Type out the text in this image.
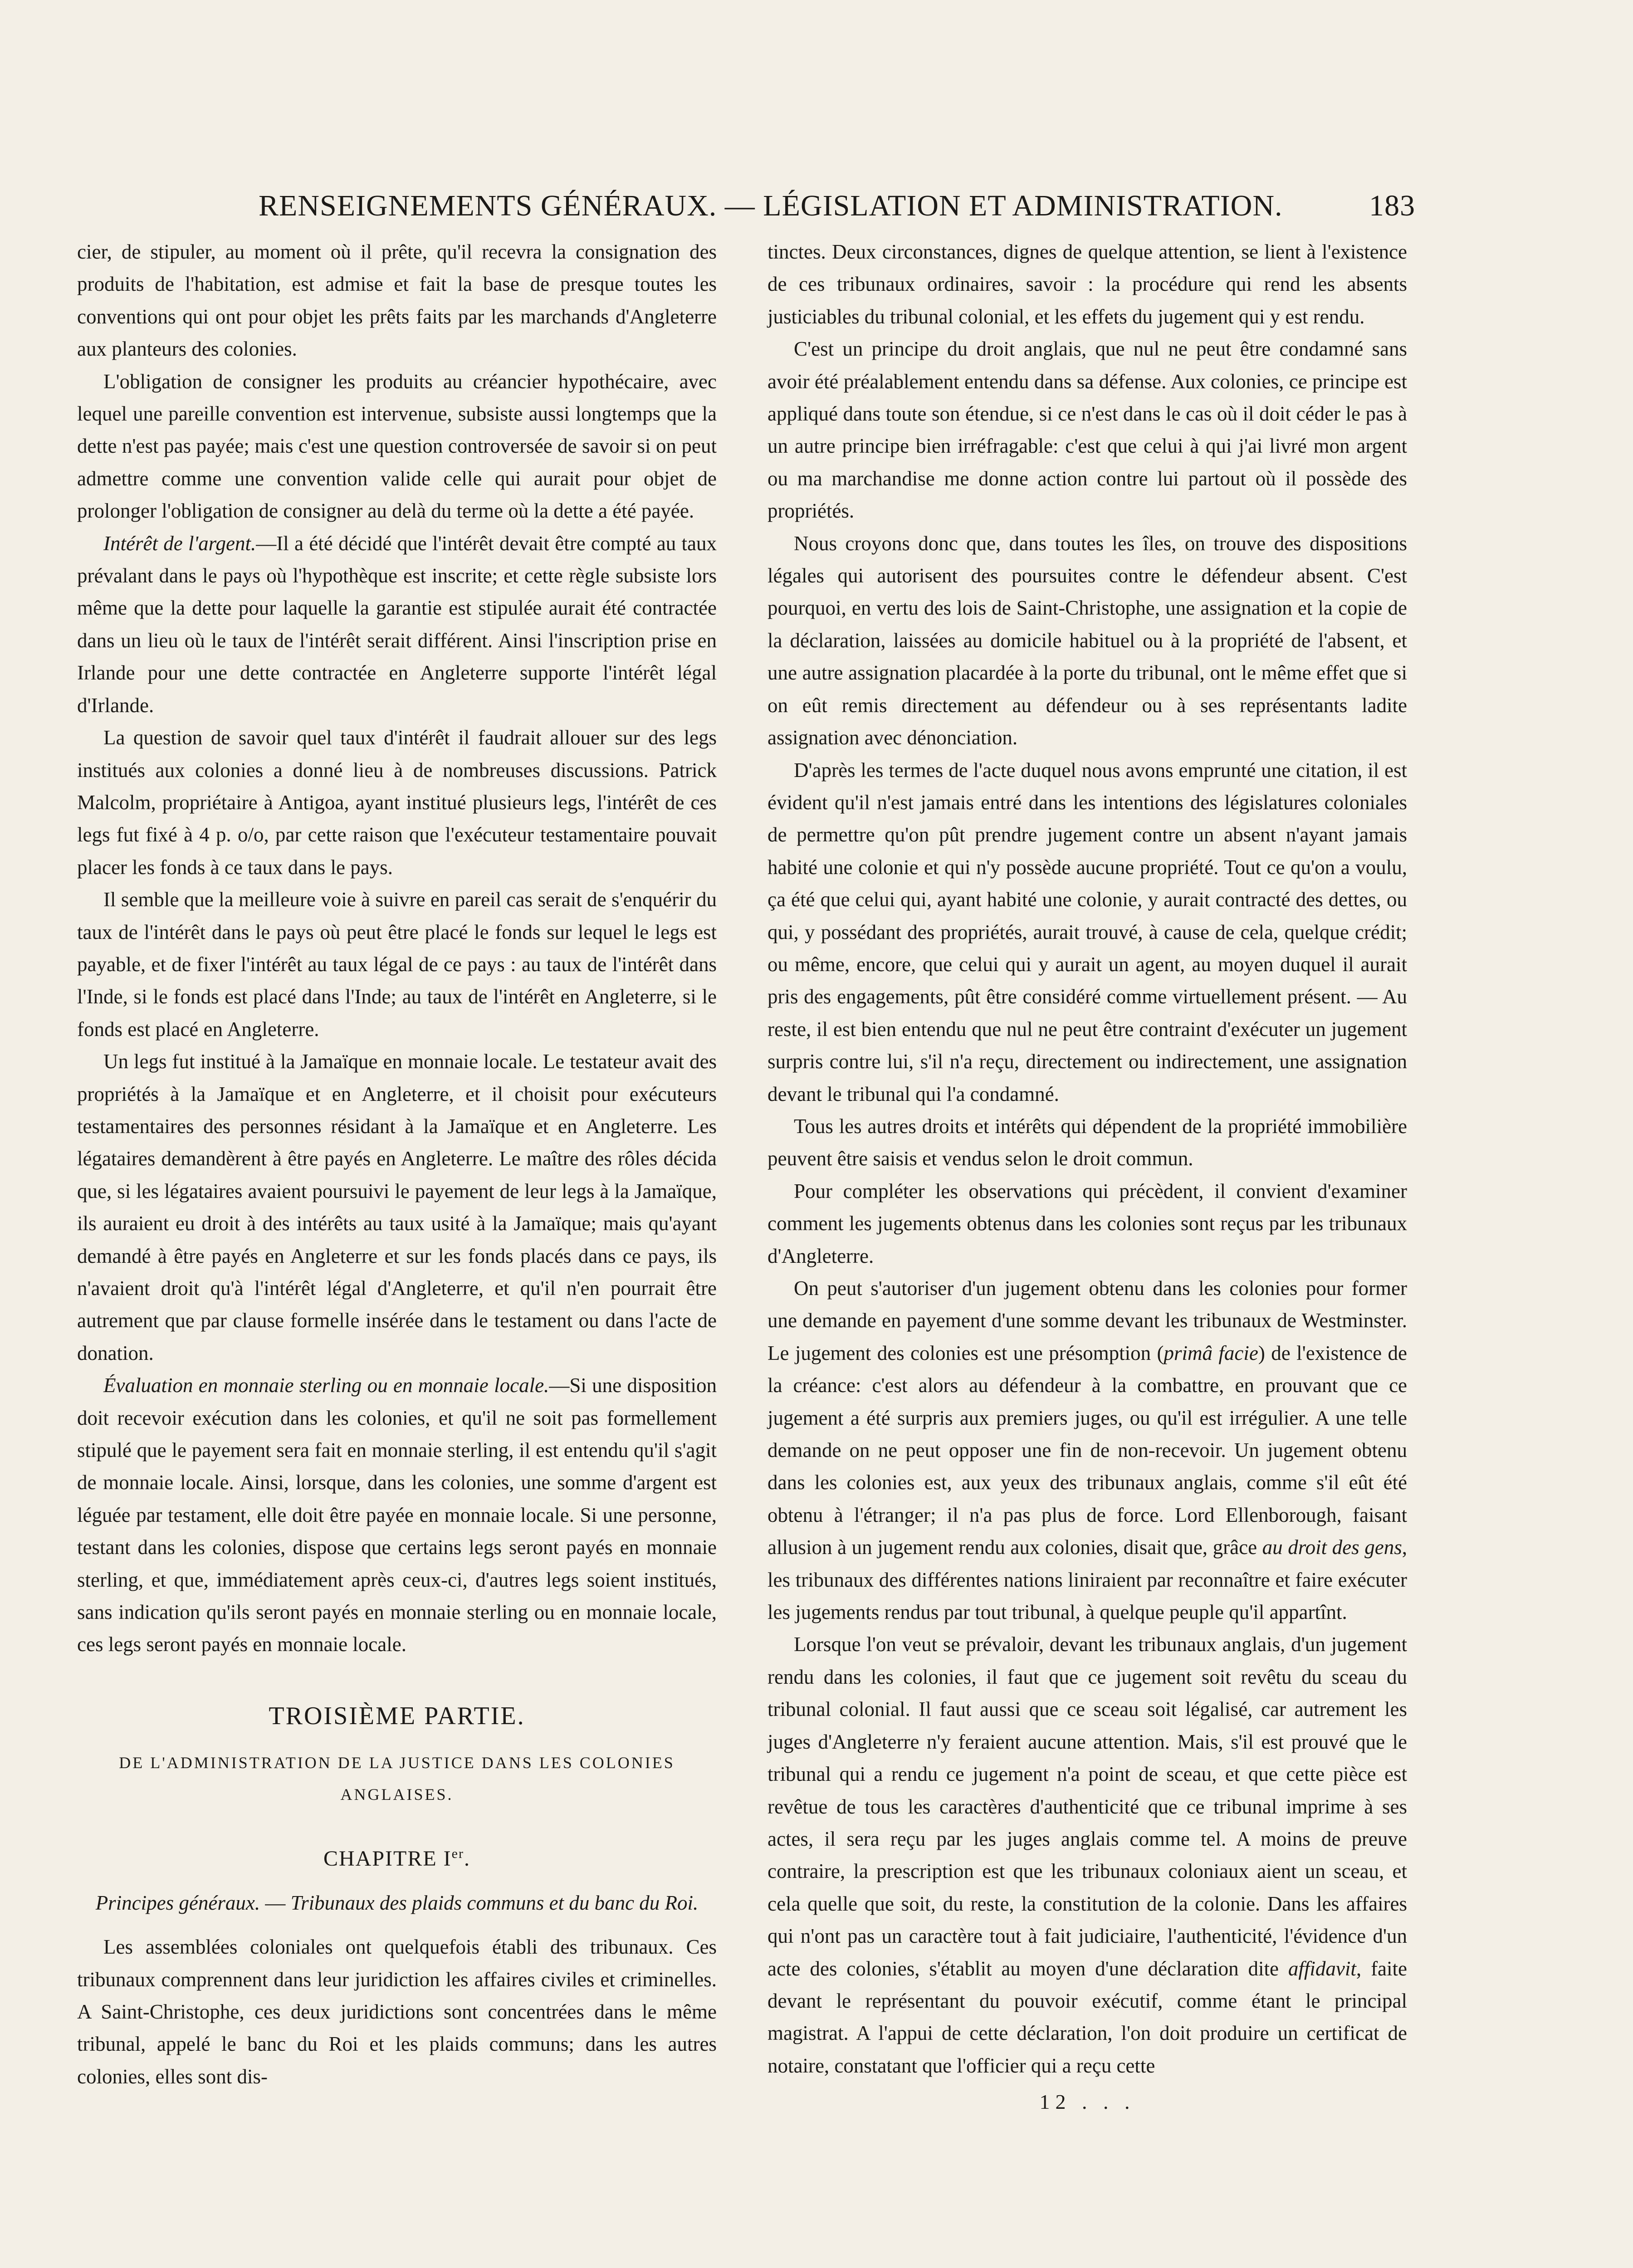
RENSEIGNEMENTS GÉNÉRAUX. — LÉGISLATION ET ADMINISTRATION.	183

cier, de stipuler, au moment où il prête, qu'il recevra la consignation des produits de l'habitation, est admise et fait la base de presque toutes les conventions qui ont pour objet les prêts faits par les marchands d'Angleterre aux planteurs des colonies.

L'obligation de consigner les produits au créancier hypothécaire, avec lequel une pareille convention est intervenue, subsiste aussi longtemps que la dette n'est pas payée; mais c'est une question controversée de savoir si on peut admettre comme une convention valide celle qui aurait pour objet de prolonger l'obligation de consigner au delà du terme où la dette a été payée.

Intérêt de l'argent.—Il a été décidé que l'intérêt devait être compté au taux prévalant dans le pays où l'hypothèque est inscrite; et cette règle subsiste lors même que la dette pour laquelle la garantie est stipulée aurait été contractée dans un lieu où le taux de l'intérêt serait différent. Ainsi l'inscription prise en Irlande pour une dette contractée en Angleterre supporte l'intérêt légal d'Irlande.

La question de savoir quel taux d'intérêt il faudrait allouer sur des legs institués aux colonies a donné lieu à de nombreuses discussions. Patrick Malcolm, propriétaire à Antigoa, ayant institué plusieurs legs, l'intérêt de ces legs fut fixé à 4 p. o/o, par cette raison que l'exécuteur testamentaire pouvait placer les fonds à ce taux dans le pays.

Il semble que la meilleure voie à suivre en pareil cas serait de s'enquérir du taux de l'intérêt dans le pays où peut être placé le fonds sur lequel le legs est payable, et de fixer l'intérêt au taux légal de ce pays : au taux de l'intérêt dans l'Inde, si le fonds est placé dans l'Inde; au taux de l'intérêt en Angleterre, si le fonds est placé en Angleterre.

Un legs fut institué à la Jamaïque en monnaie locale. Le testateur avait des propriétés à la Jamaïque et en Angleterre, et il choisit pour exécuteurs testamentaires des personnes résidant à la Jamaïque et en Angleterre. Les légataires demandèrent à être payés en Angleterre. Le maître des rôles décida que, si les légataires avaient poursuivi le payement de leur legs à la Jamaïque, ils auraient eu droit à des intérêts au taux usité à la Jamaïque; mais qu'ayant demandé à être payés en Angleterre et sur les fonds placés dans ce pays, ils n'avaient droit qu'à l'intérêt légal d'Angleterre, et qu'il n'en pourrait être autrement que par clause formelle insérée dans le testament ou dans l'acte de donation.

Évaluation en monnaie sterling ou en monnaie locale.—Si une disposition doit recevoir exécution dans les colonies, et qu'il ne soit pas formellement stipulé que le payement sera fait en monnaie sterling, il est entendu qu'il s'agit de monnaie locale. Ainsi, lorsque, dans les colonies, une somme d'argent est léguée par testament, elle doit être payée en monnaie locale. Si une personne, testant dans les colonies, dispose que certains legs seront payés en monnaie sterling, et que, immédiatement après ceux-ci, d'autres legs soient institués, sans indication qu'ils seront payés en monnaie sterling ou en monnaie locale, ces legs seront payés en monnaie locale.

TROISIÈME PARTIE.
DE L'ADMINISTRATION DE LA JUSTICE DANS LES COLONIES ANGLAISES.
CHAPITRE Ier.
Principes généraux. — Tribunaux des plaids communs et du banc du Roi.

Les assemblées coloniales ont quelquefois établi des tribunaux. Ces tribunaux comprennent dans leur juridiction les affaires civiles et criminelles. A Saint-Christophe, ces deux juridictions sont concentrées dans le même tribunal, appelé le banc du Roi et les plaids communs; dans les autres colonies, elles sont dis-

tinctes. Deux circonstances, dignes de quelque attention, se lient à l'existence de ces tribunaux ordinaires, savoir : la procédure qui rend les absents justiciables du tribunal colonial, et les effets du jugement qui y est rendu.

C'est un principe du droit anglais, que nul ne peut être condamné sans avoir été préalablement entendu dans sa défense. Aux colonies, ce principe est appliqué dans toute son étendue, si ce n'est dans le cas où il doit céder le pas à un autre principe bien irréfragable: c'est que celui à qui j'ai livré mon argent ou ma marchandise me donne action contre lui partout où il possède des propriétés.

Nous croyons donc que, dans toutes les îles, on trouve des dispositions légales qui autorisent des poursuites contre le défendeur absent. C'est pourquoi, en vertu des lois de Saint-Christophe, une assignation et la copie de la déclaration, laissées au domicile habituel ou à la propriété de l'absent, et une autre assignation placardée à la porte du tribunal, ont le même effet que si on eût remis directement au défendeur ou à ses représentants ladite assignation avec dénonciation.

D'après les termes de l'acte duquel nous avons emprunté une citation, il est évident qu'il n'est jamais entré dans les intentions des législatures coloniales de permettre qu'on pût prendre jugement contre un absent n'ayant jamais habité une colonie et qui n'y possède aucune propriété. Tout ce qu'on a voulu, ça été que celui qui, ayant habité une colonie, y aurait contracté des dettes, ou qui, y possédant des propriétés, aurait trouvé, à cause de cela, quelque crédit; ou même, encore, que celui qui y aurait un agent, au moyen duquel il aurait pris des engagements, pût être considéré comme virtuellement présent. — Au reste, il est bien entendu que nul ne peut être contraint d'exécuter un jugement surpris contre lui, s'il n'a reçu, directement ou indirectement, une assignation devant le tribunal qui l'a condamné.

Tous les autres droits et intérêts qui dépendent de la propriété immobilière peuvent être saisis et vendus selon le droit commun.

Pour compléter les observations qui précèdent, il convient d'examiner comment les jugements obtenus dans les colonies sont reçus par les tribunaux d'Angleterre.

On peut s'autoriser d'un jugement obtenu dans les colonies pour former une demande en payement d'une somme devant les tribunaux de Westminster. Le jugement des colonies est une présomption (primâ facie) de l'existence de la créance: c'est alors au défendeur à la combattre, en prouvant que ce jugement a été surpris aux premiers juges, ou qu'il est irrégulier. A une telle demande on ne peut opposer une fin de non-recevoir. Un jugement obtenu dans les colonies est, aux yeux des tribunaux anglais, comme s'il eût été obtenu à l'étranger; il n'a pas plus de force. Lord Ellenborough, faisant allusion à un jugement rendu aux colonies, disait que, grâce au droit des gens, les tribunaux des différentes nations liniraient par reconnaître et faire exécuter les jugements rendus par tout tribunal, à quelque peuple qu'il appartînt.

Lorsque l'on veut se prévaloir, devant les tribunaux anglais, d'un jugement rendu dans les colonies, il faut que ce jugement soit revêtu du sceau du tribunal colonial. Il faut aussi que ce sceau soit légalisé, car autrement les juges d'Angleterre n'y feraient aucune attention. Mais, s'il est prouvé que le tribunal qui a rendu ce jugement n'a point de sceau, et que cette pièce est revêtue de tous les caractères d'authenticité que ce tribunal imprime à ses actes, il sera reçu par les juges anglais comme tel. A moins de preuve contraire, la prescription est que les tribunaux coloniaux aient un sceau, et cela quelle que soit, du reste, la constitution de la colonie. Dans les affaires qui n'ont pas un caractère tout à fait judiciaire, l'authenticité, l'évidence d'un acte des colonies, s'établit au moyen d'une déclaration dite affidavit, faite devant le représentant du pouvoir exécutif, comme étant le principal magistrat. A l'appui de cette déclaration, l'on doit produire un certificat de notaire, constatant que l'officier qui a reçu cette

12 . . .
